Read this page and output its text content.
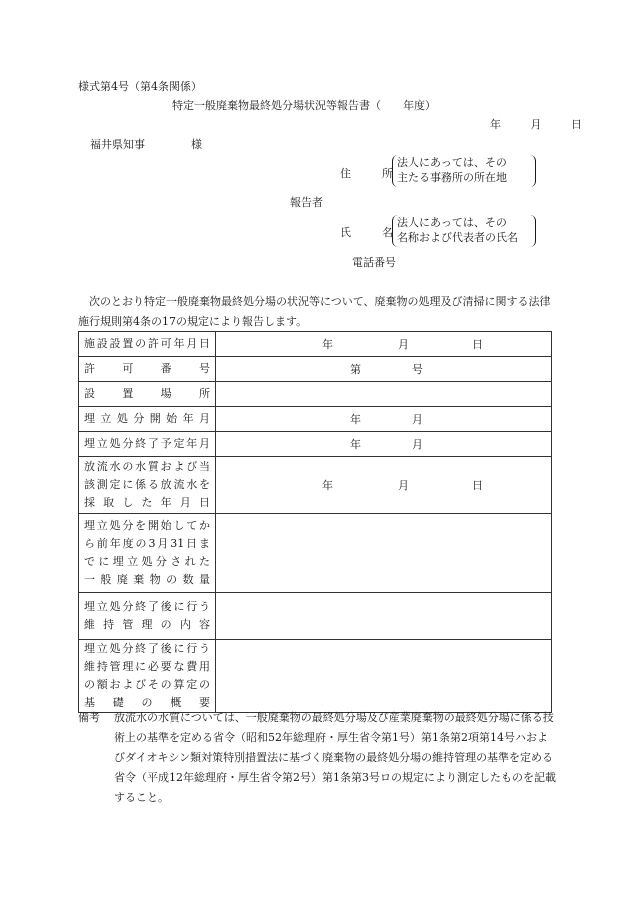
様式第4号（第4条関係）
特定一般廃棄物最終処分場状況等報告書（　　年度）
年	月	日
福井県知事	様
住　所
法人にあっては、その
主たる事務所の所在地
報告者
氏　名
法人にあっては、その
名称および代表者の氏名
電話番号
次のとおり特定一般廃棄物最終処分場の状況等について、廃棄物の処理及び清掃に関する法律施行規則第4条の17の規定により報告します。
施設設置の許可年月日	年 月 日

許可番号	第 号

設置場所	

埋立処分開始年月	年 月

埋立処分終了予定年月	年 月

放流水の水質および当
該測定に係る放流水を
採取した年月日	年 月 日

埋立処分を開始してか
ら前年度の3月31日ま
でに埋立処分された
一般廃棄物の数量	

埋立処分終了後に行う
維持管理の内容	

埋立処分終了後に行う
維持管理に必要な費用
の額およびその算定の
基礎の概要	

備考 放流水の水質については、一般廃棄物の最終処分場及び産業廃棄物の最終処分場に係る技術上の基準を定める省令（昭和52年総理府・厚生省令第1号）第1条第2項第14号ハおよびダイオキシン類対策特別措置法に基づく廃棄物の最終処分場の維持管理の基準を定める省令（平成12年総理府・厚生省令第2号）第1条第3号ロの規定により測定したものを記載すること。
